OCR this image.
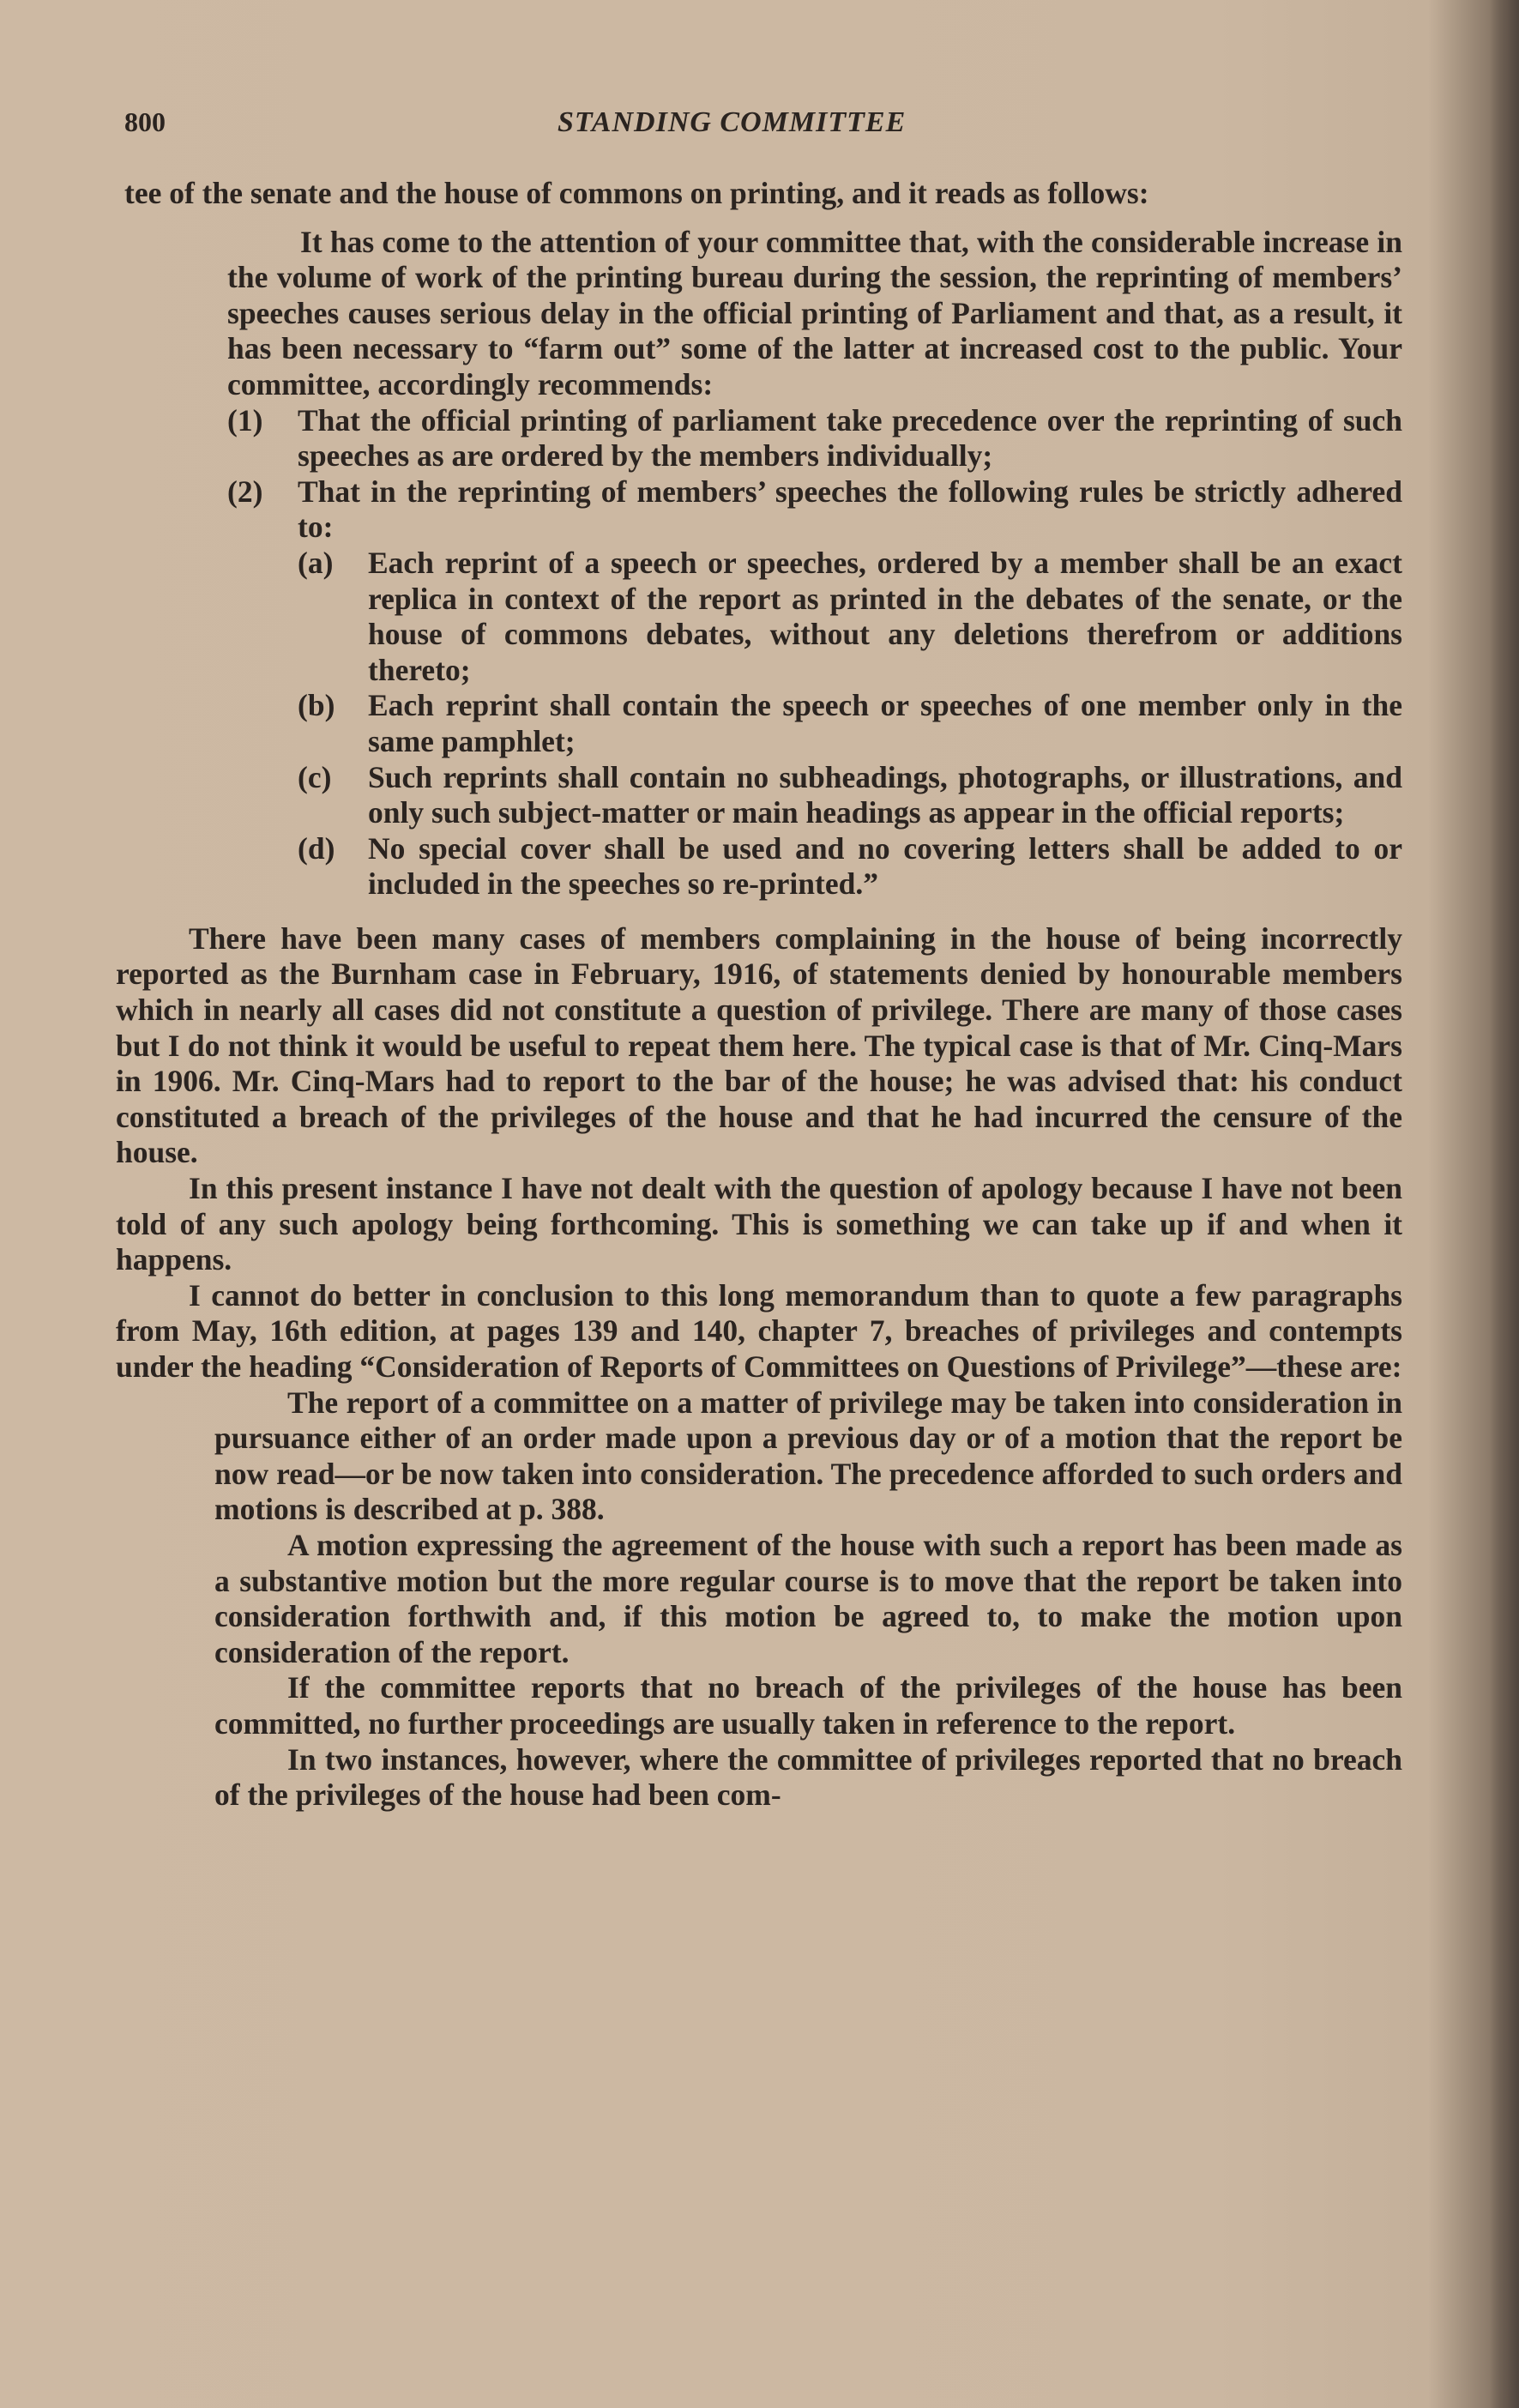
800	STANDING COMMITTEE

tee of the senate and the house of commons on printing, and it reads as follows:

It has come to the attention of your committee that, with the considerable increase in the volume of work of the printing bureau during the session, the reprinting of members’ speeches causes serious delay in the official printing of Parliament and that, as a result, it has been necessary to “farm out” some of the latter at increased cost to the public. Your committee, accordingly recommends:

(1)	That the official printing of parliament take precedence over the reprinting of such speeches as are ordered by the members individually;
(2)	That in the reprinting of members’ speeches the following rules be strictly adhered to:
(a)	Each reprint of a speech or speeches, ordered by a member shall be an exact replica in context of the report as printed in the debates of the senate, or the house of commons debates, without any deletions therefrom or additions thereto;
(b)	Each reprint shall contain the speech or speeches of one member only in the same pamphlet;
(c)	Such reprints shall contain no subheadings, photographs, or illustrations, and only such subject-matter or main headings as appear in the official reports;
(d)	No special cover shall be used and no covering letters shall be added to or included in the speeches so re-printed.”

There have been many cases of members complaining in the house of being incorrectly reported as the Burnham case in February, 1916, of statements denied by honourable members which in nearly all cases did not constitute a question of privilege. There are many of those cases but I do not think it would be useful to repeat them here. The typical case is that of Mr. Cinq-Mars in 1906. Mr. Cinq-Mars had to report to the bar of the house; he was advised that: his conduct constituted a breach of the privileges of the house and that he had incurred the censure of the house.

In this present instance I have not dealt with the question of apology because I have not been told of any such apology being forthcoming. This is something we can take up if and when it happens.

I cannot do better in conclusion to this long memorandum than to quote a few paragraphs from May, 16th edition, at pages 139 and 140, chapter 7, breaches of privileges and contempts under the heading “Consideration of Reports of Committees on Questions of Privilege”—these are:

The report of a committee on a matter of privilege may be taken into consideration in pursuance either of an order made upon a previous day or of a motion that the report be now read—or be now taken into consideration. The precedence afforded to such orders and motions is described at p. 388.

A motion expressing the agreement of the house with such a report has been made as a substantive motion but the more regular course is to move that the report be taken into consideration forthwith and, if this motion be agreed to, to make the motion upon consideration of the report.

If the committee reports that no breach of the privileges of the house has been committed, no further proceedings are usually taken in reference to the report.

In two instances, however, where the committee of privileges reported that no breach of the privileges of the house had been com-
